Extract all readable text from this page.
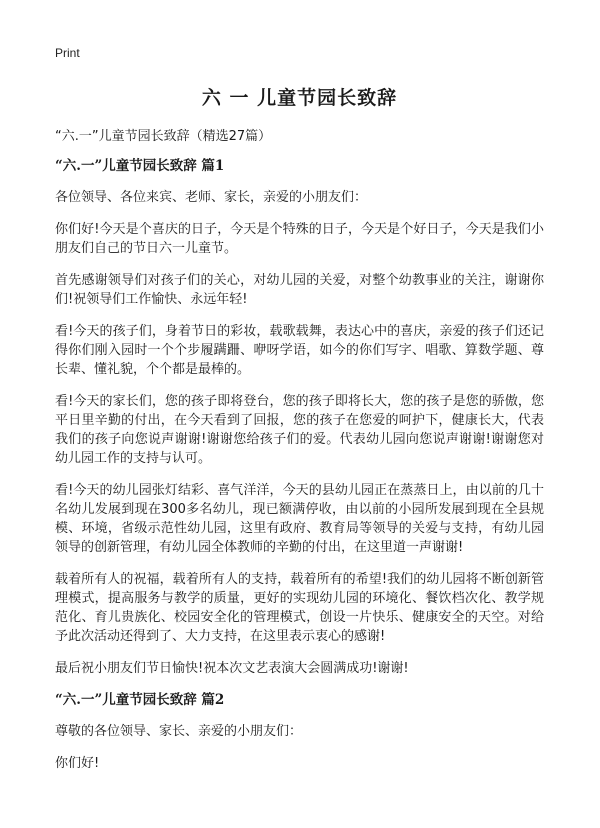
Print
六 一 儿童节园长致辞
“六.一”儿童节园长致辞（精选27篇）
“六.一”儿童节园长致辞 篇1

各位领导、各位来宾、老师、家长，亲爱的小朋友们：

你们好!今天是个喜庆的日子，今天是个特殊的日子，今天是个好日子，今天是我们小朋友们自己的节日六一儿童节。

首先感谢领导们对孩子们的关心，对幼儿园的关爱，对整个幼教事业的关注，谢谢你们!祝领导们工作愉快、永远年轻!

看!今天的孩子们，身着节日的彩妆，载歌载舞，表达心中的喜庆，亲爱的孩子们还记得你们刚入园时一个个步履蹒跚、咿呀学语，如今的你们写字、唱歌、算数学题、尊长辈、懂礼貌，个个都是最棒的。

看!今天的家长们，您的孩子即将登台，您的孩子即将长大，您的孩子是您的骄傲，您平日里辛勤的付出，在今天看到了回报，您的孩子在您爱的呵护下，健康长大，代表我们的孩子向您说声谢谢!谢谢您给孩子们的爱。代表幼儿园向您说声谢谢!谢谢您对幼儿园工作的支持与认可。

看!今天的幼儿园张灯结彩、喜气洋洋，今天的县幼儿园正在蒸蒸日上，由以前的几十名幼儿发展到现在300多名幼儿，现已额满停收，由以前的小园所发展到现在全县规模、环境，省级示范性幼儿园，这里有政府、教育局等领导的关爱与支持，有幼儿园领导的创新管理，有幼儿园全体教师的辛勤的付出，在这里道一声谢谢!

载着所有人的祝福，载着所有人的支持，载着所有的希望!我们的幼儿园将不断创新管理模式，提高服务与教学的质量，更好的实现幼儿园的环境化、餐饮档次化、教学规范化、育儿贵族化、校园安全化的管理模式，创设一片快乐、健康安全的天空。对给予此次活动还得到了、大力支持，在这里表示衷心的感谢!

最后祝小朋友们节日愉快!祝本次文艺表演大会圆满成功!谢谢!

“六.一”儿童节园长致辞 篇2

尊敬的各位领导、家长、亲爱的小朋友们：

你们好!
